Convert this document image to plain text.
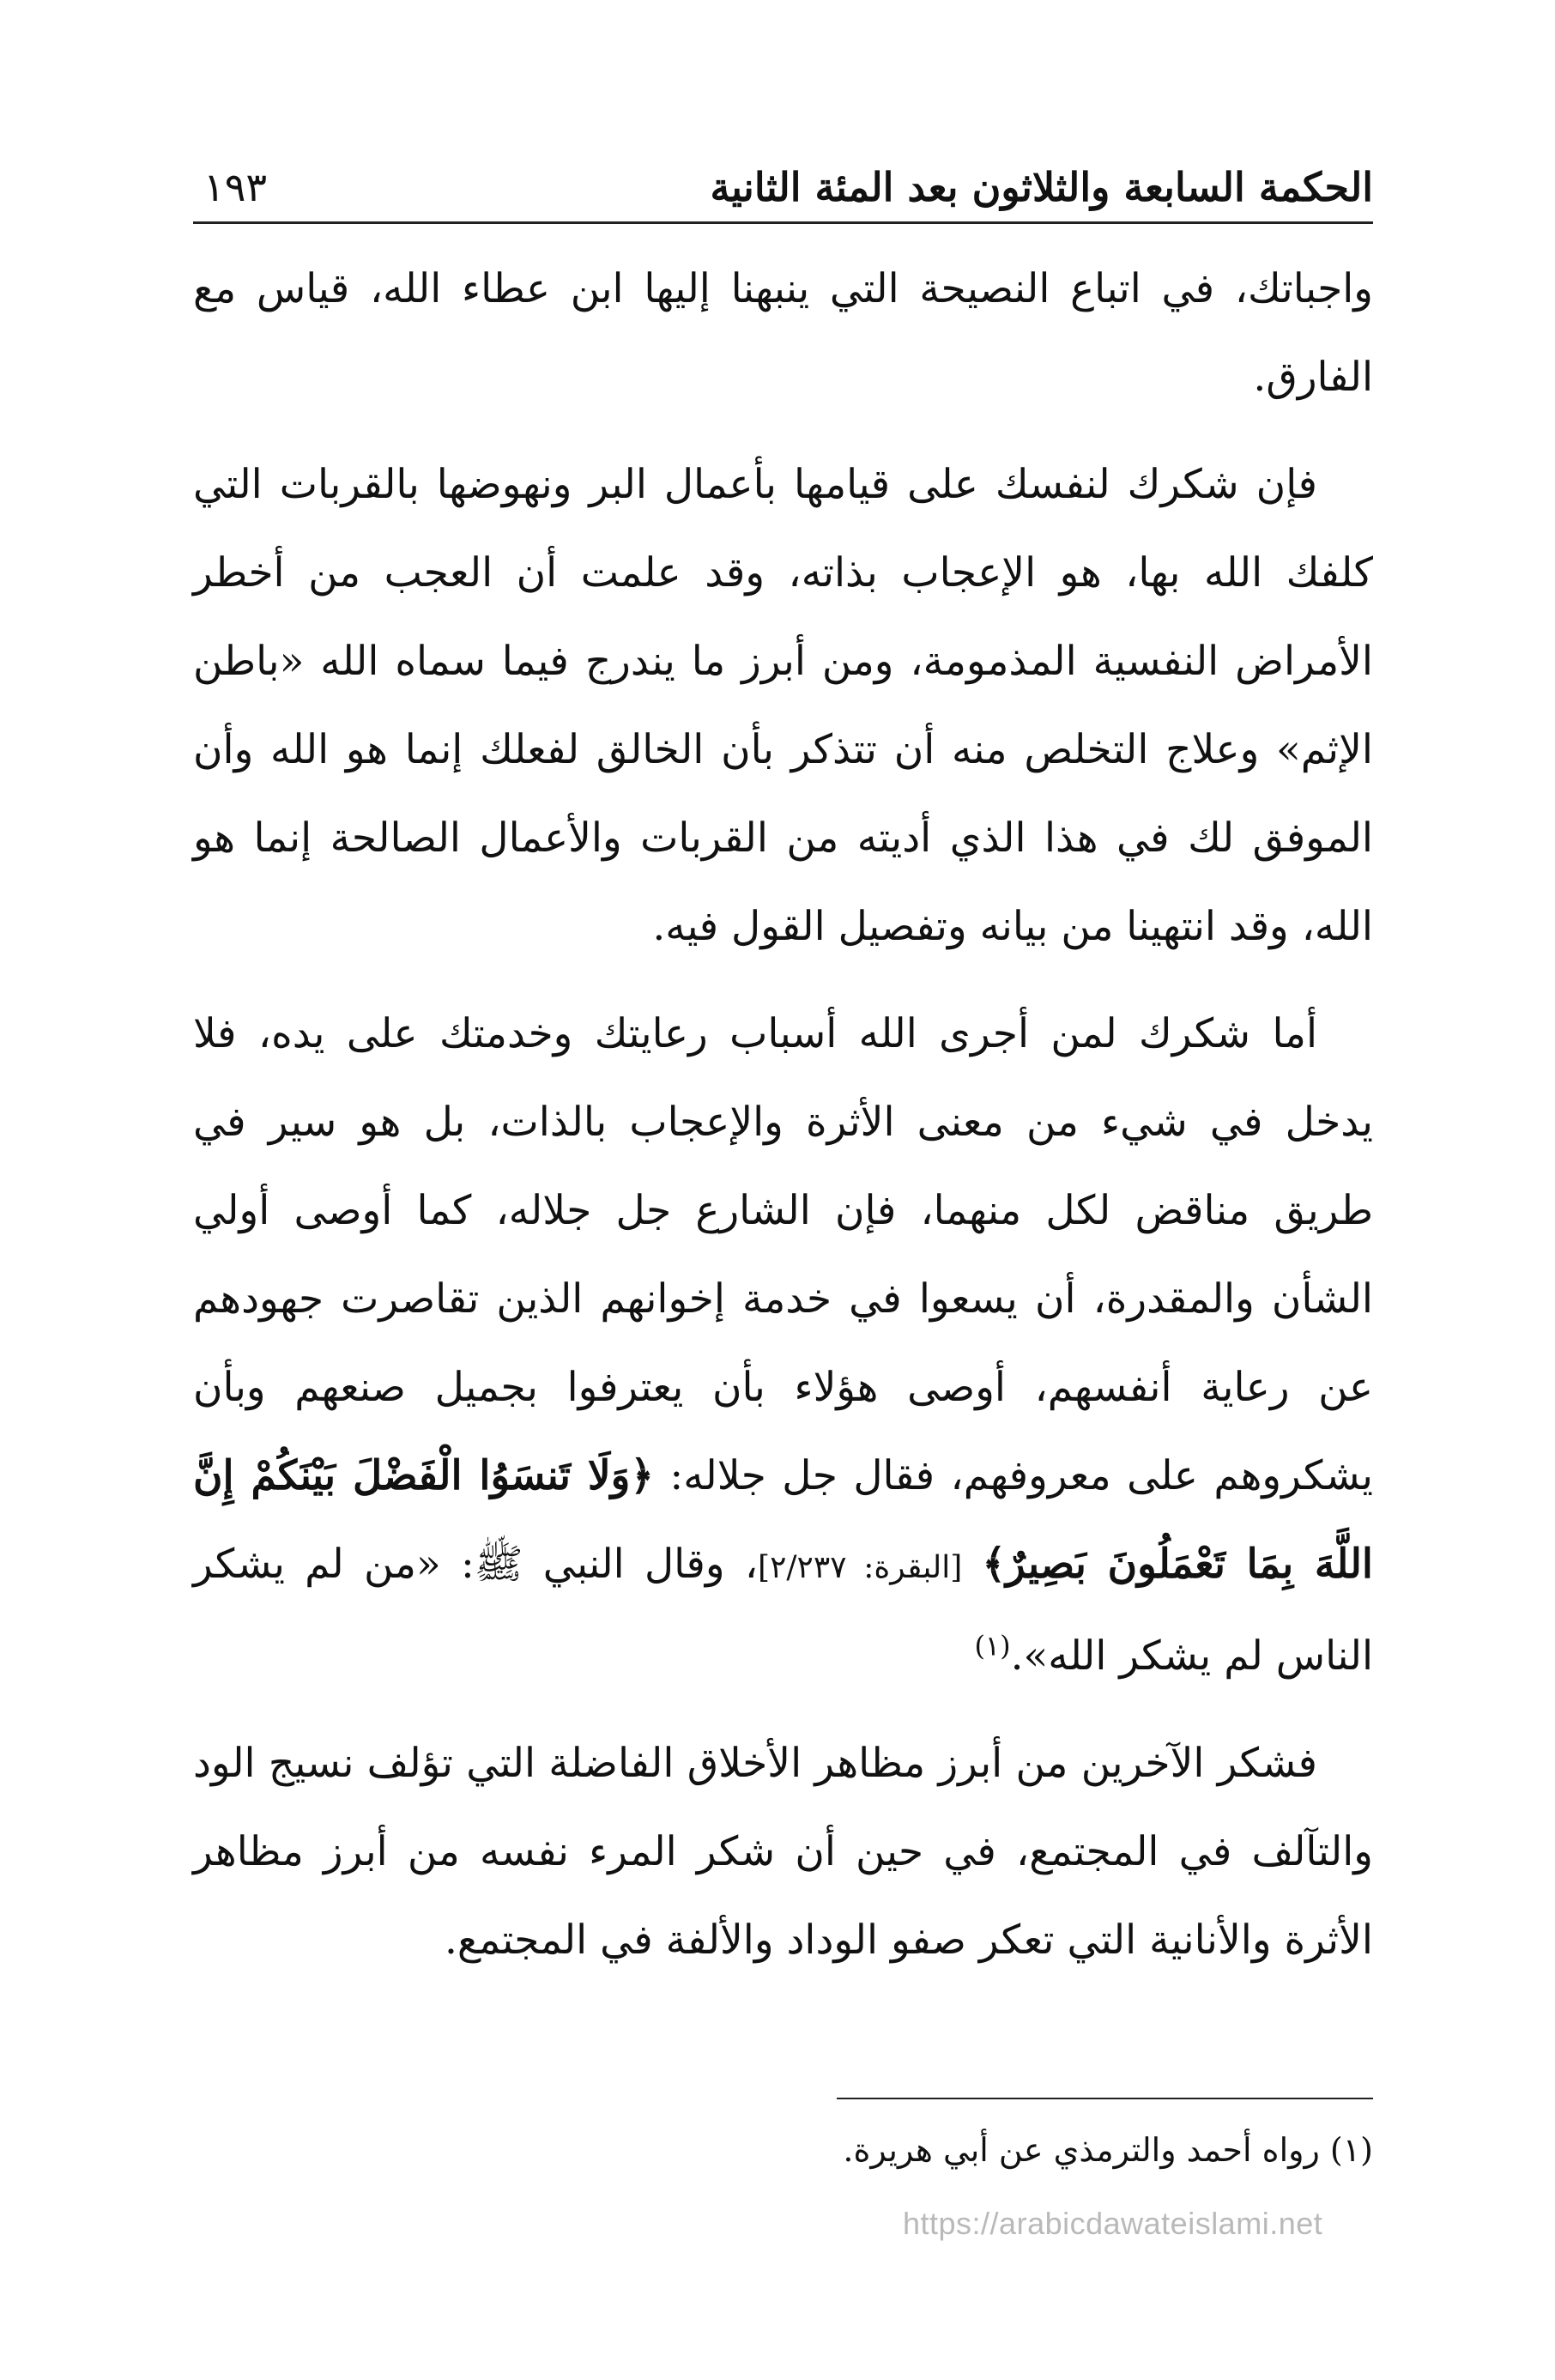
الحكمة السابعة والثلاثون بعد المئة الثانية
١٩٣

واجباتك، في اتباع النصيحة التي ينبهنا إليها ابن عطاء الله، قياس مع الفارق.

فإن شكرك لنفسك على قيامها بأعمال البر ونهوضها بالقربات التي كلفك الله بها، هو الإعجاب بذاته، وقد علمت أن العجب من أخطر الأمراض النفسية المذمومة، ومن أبرز ما يندرج فيما سماه الله «باطن الإثم» وعلاج التخلص منه أن تتذكر بأن الخالق لفعلك إنما هو الله وأن الموفق لك في هذا الذي أديته من القربات والأعمال الصالحة إنما هو الله، وقد انتهينا من بيانه وتفصيل القول فيه.

أما شكرك لمن أجرى الله أسباب رعايتك وخدمتك على يده، فلا يدخل في شيء من معنى الأثرة والإعجاب بالذات، بل هو سير في طريق مناقض لكل منهما، فإن الشارع جل جلاله، كما أوصى أولي الشأن والمقدرة، أن يسعوا في خدمة إخوانهم الذين تقاصرت جهودهم عن رعاية أنفسهم، أوصى هؤلاء بأن يعترفوا بجميل صنعهم وبأن يشكروهم على معروفهم، فقال جل جلاله: ﴿وَلَا تَنسَوُا الْفَضْلَ بَيْنَكُمْ إِنَّ اللَّهَ بِمَا تَعْمَلُونَ بَصِيرٌ﴾ [البقرة: ٢/٢٣٧]، وقال النبي ﷺ: «من لم يشكر الناس لم يشكر الله».$^{(١)}$

فشكر الآخرين من أبرز مظاهر الأخلاق الفاضلة التي تؤلف نسيج الود والتآلف في المجتمع، في حين أن شكر المرء نفسه من أبرز مظاهر الأثرة والأنانية التي تعكر صفو الوداد والألفة في المجتمع.

(١) رواه أحمد والترمذي عن أبي هريرة.
https://arabicdawateislami.net
